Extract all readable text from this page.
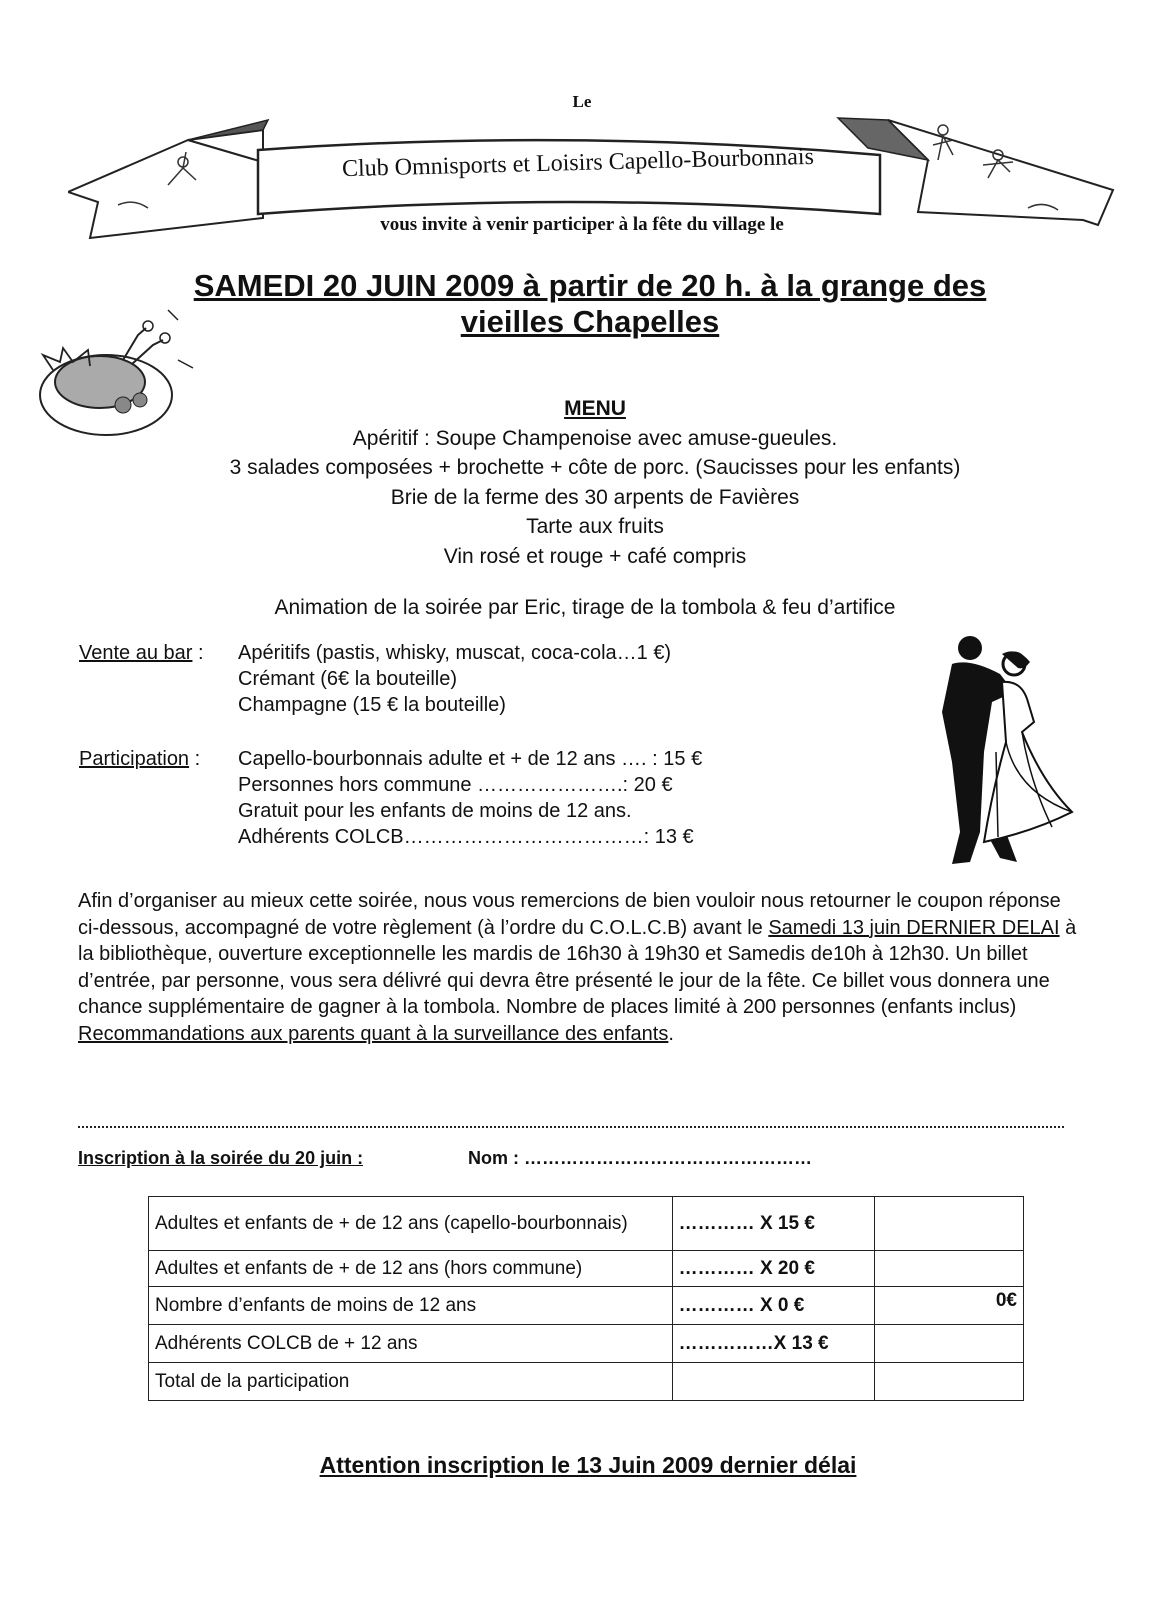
Le
Club Omnisports et Loisirs Capello-Bourbonnais
vous invite à venir participer à la fête du village le
SAMEDI 20 JUIN 2009 à partir de 20 h. à la grange des
vieilles Chapelles
MENU
Apéritif : Soupe Champenoise avec amuse-gueules.
3 salades composées + brochette + côte de porc. (Saucisses pour les enfants)
Brie de la ferme des 30 arpents de Favières
Tarte aux fruits
Vin rosé et rouge + café compris
Animation de la soirée par Eric, tirage de la tombola & feu d’artifice
Vente au bar : Apéritifs (pastis, whisky, muscat, coca-cola…1 €)
Crémant (6€ la bouteille)
Champagne (15 € la bouteille)
Participation : Capello-bourbonnais adulte et + de 12 ans …. : 15 €
Personnes hors commune ………………….: 20 €
Gratuit pour les enfants de moins de 12 ans.
Adhérents COLCB………………………………: 13 €
Afin d’organiser au mieux cette soirée, nous vous remercions de bien vouloir nous retourner le coupon réponse ci-dessous, accompagné de votre règlement (à l’ordre du C.O.L.C.B) avant le Samedi 13 juin DERNIER DELAI à la bibliothèque, ouverture exceptionnelle les mardis de 16h30 à 19h30 et Samedis de10h à 12h30. Un billet d’entrée, par personne, vous sera délivré qui devra être présenté le jour de la fête. Ce billet vous donnera une chance supplémentaire de gagner à la tombola. Nombre de places limité à 200 personnes (enfants inclus) Recommandations aux parents quant à la surveillance des enfants.
Inscription à la soirée du 20 juin :	Nom : …………………………………………
Adultes et enfants de + de 12 ans (capello-bourbonnais)	………… X 15 €	
Adultes et enfants de + de 12 ans (hors commune)	………… X 20 €	
Nombre d’enfants de moins de 12 ans	………… X 0 €	0€
Adhérents COLCB de + 12 ans	……………X 13 €	
Total de la participation		
Attention inscription le 13 Juin 2009 dernier délai
